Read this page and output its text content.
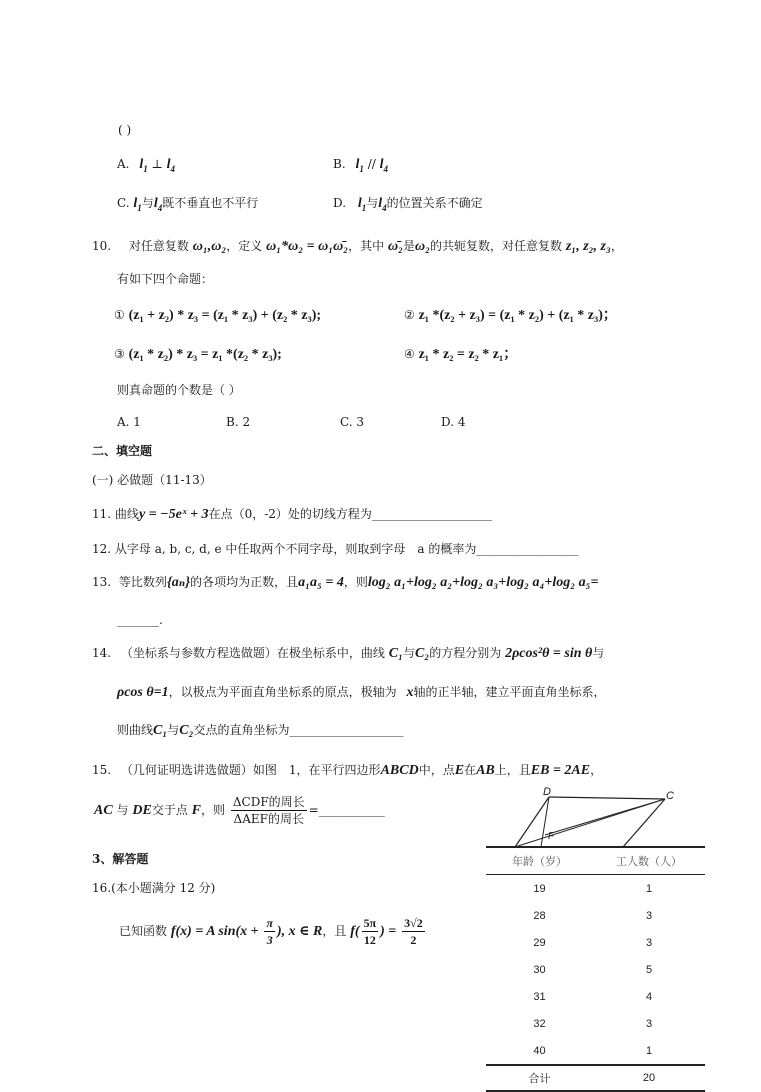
( )
A. $l_1$ ⊥ $l_4$	B. $l_1 // l_4$
C. $l_1$与$l_4$既不垂直也不平行	D. $l_1$与$l_4$的位置关系不确定
10. 对任意复数 ω₁,ω₂，定义 ω₁*ω₂ = ω₁ω̄₂，其中 ω̄₂是ω₂的共轭复数，对任意复数 z₁, z₂, z₃，
有如下四个命题：
① (z₁ + z₂) * z₃ = (z₁ * z₃) + (z₂ * z₃);	② z₁ *(z₂ + z₃) = (z₁ * z₂) + (z₁ * z₃)；
③ (z₁ * z₂) * z₃ = z₁ *(z₂ * z₃);	④ z₁ * z₂ = z₂ * z₁；
则真命题的个数是（ ）
A. 1	B. 2	C. 3	D. 4
二、填空题
(一) 必做题（11-13）
11. 曲线y = −5eˣ + 3在点（0，-2）处的切线方程为____________________
12. 从字母 a, b, c, d, e 中任取两个不同字母，则取到字母　a 的概率为_________________
13. 等比数列{aₙ}的各项均为正数，且a₁a₅ = 4，则log₂ a₁+log₂ a₂+log₂ a₃+log₂ a₄+log₂ a₅=
_______.
14. （坐标系与参数方程选做题）在极坐标系中，曲线 C₁与C₂的方程分别为 2ρcos²θ = sin θ与
ρcos θ=1，以极点为平面直角坐标系的原点，极轴为 x轴的正半轴，建立平面直角坐标系，
则曲线C₁与C₂交点的直角坐标为___________________
15. （几何证明选讲选做题）如图　1，在平行四边形ABCD中，点E在AB上，且EB = 2AE，
AC 与 DE交于点 F，则 $\frac{\text{ΔCDF的周长}}{\text{ΔAEF的周长}}$ =___________
D	C
F
3、解答题
16.(本小题满分 12 分)
已知函数 f(x) = A $\sin(x + \frac{\pi}{3}$ ), x ∈ R，且 $f( \frac{5\pi}{12}$ ) = $\frac{3√2}{2}$
年龄（岁）	工人数（人）
19	1
28	3
29	3
30	5
31	4
32	3
40	1
合计	20
